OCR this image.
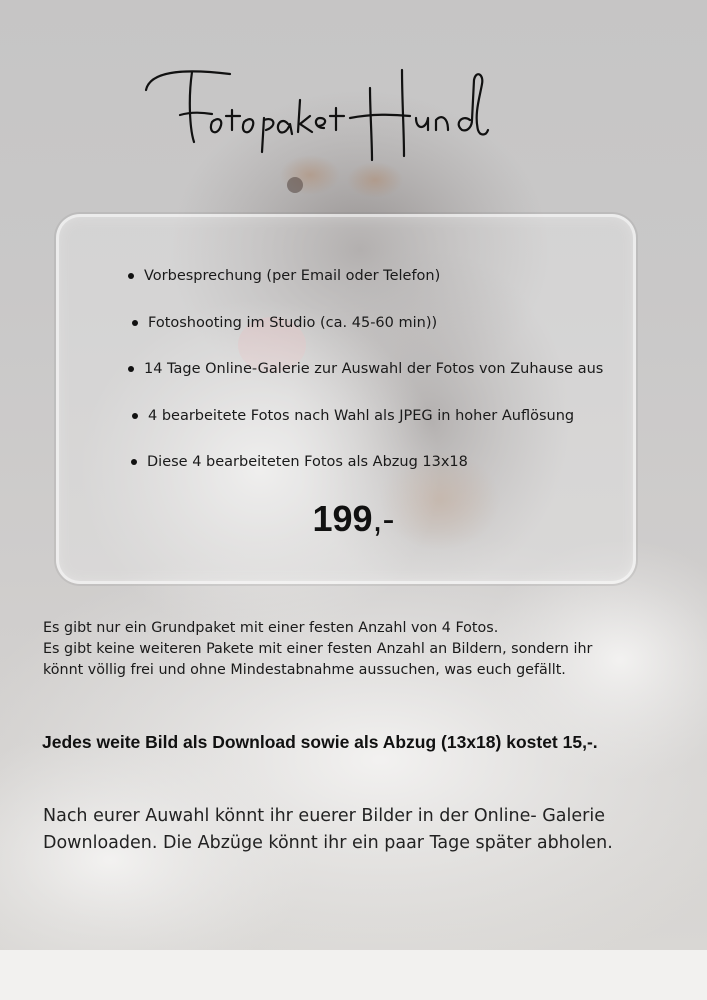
Vorbesprechung (per Email oder Telefon)
Fotoshooting im Studio (ca. 45-60 min))
14 Tage Online-Galerie zur Auswahl der Fotos von Zuhause aus
4 bearbeitete Fotos nach Wahl als JPEG in hoher Auflösung
Diese 4 bearbeiteten Fotos als Abzug 13x18
199,-

Es gibt nur ein Grundpaket mit einer festen Anzahl von 4 Fotos.

Es gibt keine weiteren Pakete mit einer festen Anzahl an Bildern, sondern ihr

könnt völlig frei und ohne Mindestabnahme aussuchen, was euch gefällt.

Jedes weite Bild als Download sowie als Abzug (13x18) kostet 15,-.

Nach eurer Auwahl könnt ihr euerer Bilder in der Online- Galerie

Downloaden. Die Abzüge könnt ihr ein paar Tage später abholen.
